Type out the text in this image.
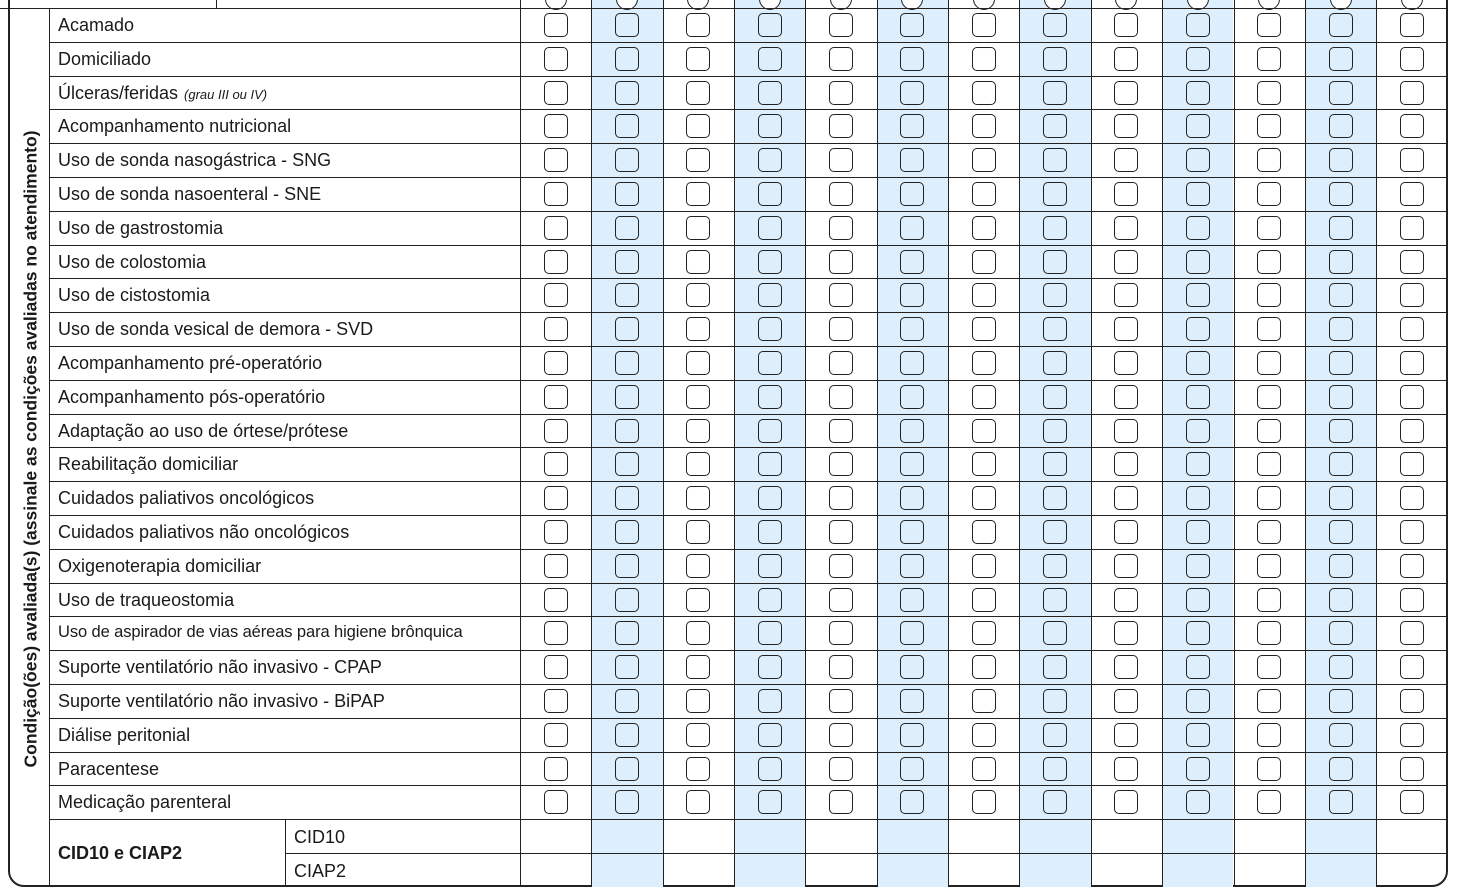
Condição(ões) avaliada(s) (assinale as condições avaliadas no atendimento)
Acamado
Domiciliado
Úlceras/feridas (grau III ou IV)
Acompanhamento nutricional
Uso de sonda nasogástrica - SNG
Uso de sonda nasoenteral - SNE
Uso de gastrostomia
Uso de colostomia
Uso de cistostomia
Uso de sonda vesical de demora - SVD
Acompanhamento pré-operatório
Acompanhamento pós-operatório
Adaptação ao uso de órtese/prótese
Reabilitação domiciliar
Cuidados paliativos oncológicos
Cuidados paliativos não oncológicos
Oxigenoterapia domiciliar
Uso de traqueostomia
Uso de aspirador de vias aéreas para higiene brônquica
Suporte ventilatório não invasivo - CPAP
Suporte ventilatório não invasivo - BiPAP
Diálise peritonial
Paracentese
Medicação parenteral
CID10 e CIAP2
CID10
CIAP2
